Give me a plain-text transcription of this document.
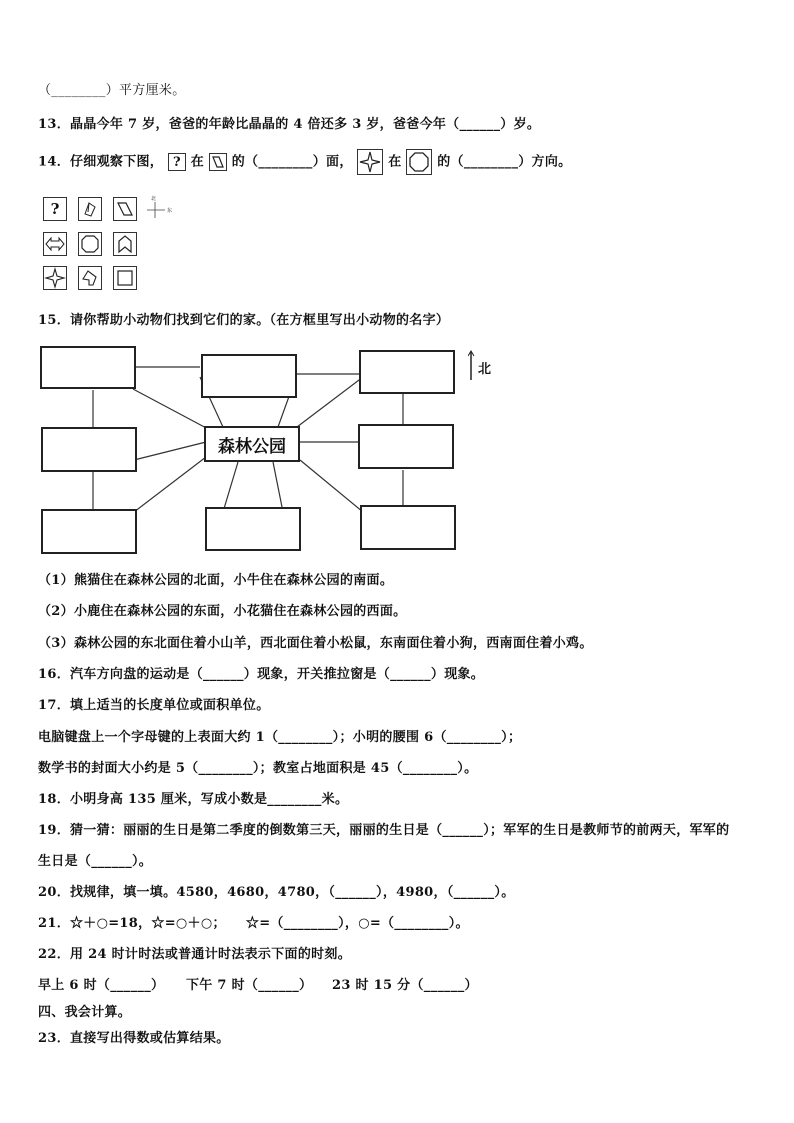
（________）平方厘米。
13．晶晶今年 7 岁，爸爸的年龄比晶晶的 4 倍还多 3 岁，爸爸今年（______）岁。
14．仔细观察下图， ? 在 的（________）面，	在	的（________）方向。
?
北
东
15．请你帮助小动物们找到它们的家。（在方框里写出小动物的名字）
森林公园
北
（1）熊猫住在森林公园的北面，小牛住在森林公园的南面。
（2）小鹿住在森林公园的东面，小花猫住在森林公园的西面。
（3）森林公园的东北面住着小山羊，西北面住着小松鼠，东南面住着小狗，西南面住着小鸡。
16．汽车方向盘的运动是（______）现象，开关推拉窗是（______）现象。
17．填上适当的长度单位或面积单位。
电脑键盘上一个字母键的上表面大约 1（________）；小明的腰围 6（________）；
数学书的封面大小约是 5（________）；教室占地面积是 45（________）。
18．小明身高 135 厘米，写成小数是________米。
19．猜一猜：丽丽的生日是第二季度的倒数第三天，丽丽的生日是（______）；军军的生日是教师节的前两天，军军的
生日是（______）。
20．找规律，填一填。4580，4680，4780，（______），4980，（______）。
21．☆＋○=18，☆=○＋○；　　☆=（________），○=（________）。
22．用 24 时计时法或普通计时法表示下面的时刻。
早上 6 时（______） 下午 7 时（______） 23 时 15 分（______）
四、我会计算。
23．直接写出得数或估算结果。
